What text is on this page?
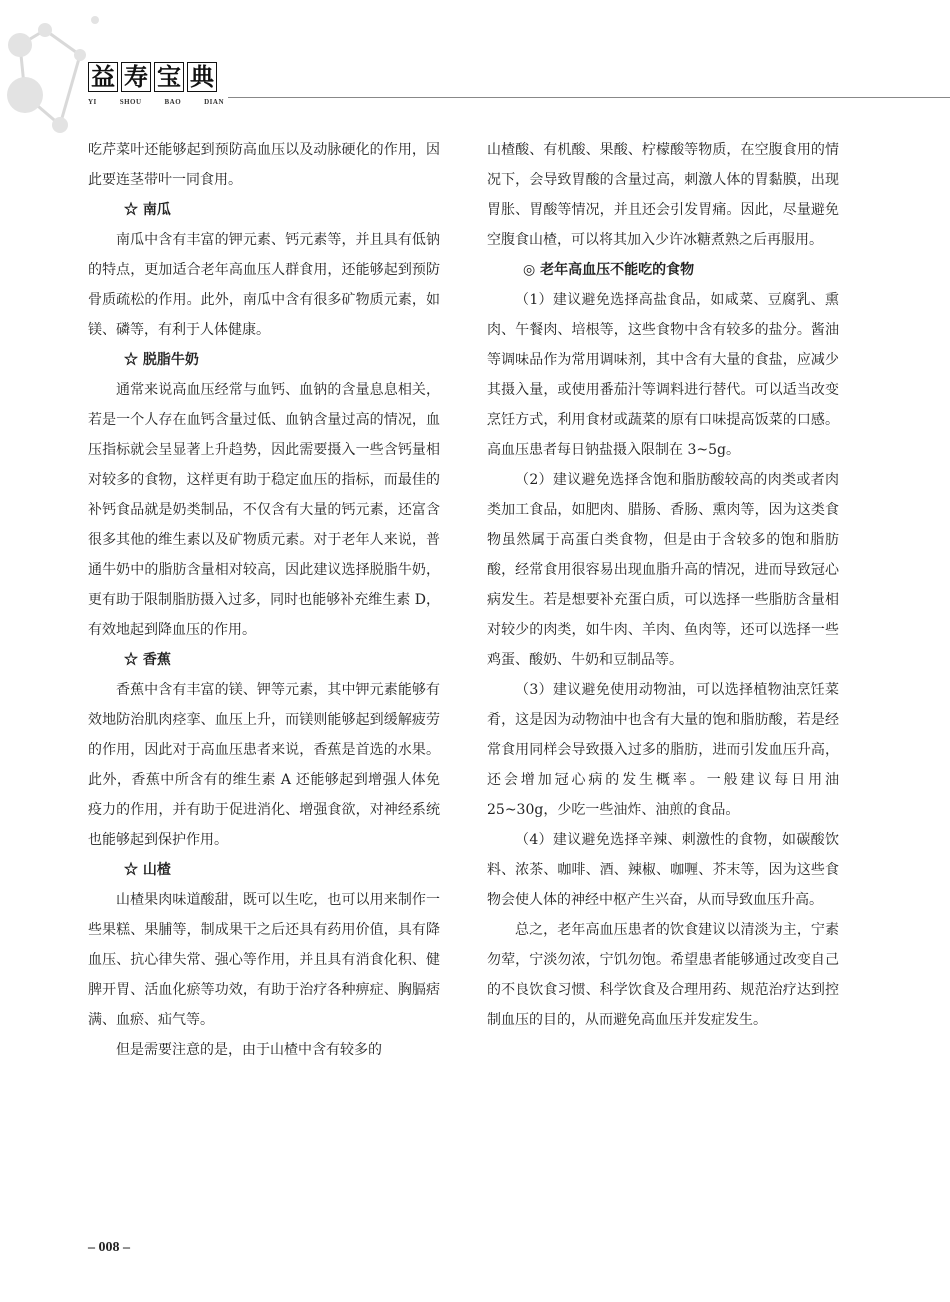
益 寿 宝 典
YI	SHOU	BAO	DIAN

吃芹菜叶还能够起到预防高血压以及动脉硬化的作用，因此要连茎带叶一同食用。

☆ 南瓜

南瓜中含有丰富的钾元素、钙元素等，并且具有低钠的特点，更加适合老年高血压人群食用，还能够起到预防骨质疏松的作用。此外，南瓜中含有很多矿物质元素，如镁、磷等，有利于人体健康。

☆ 脱脂牛奶

通常来说高血压经常与血钙、血钠的含量息息相关，若是一个人存在血钙含量过低、血钠含量过高的情况，血压指标就会呈显著上升趋势，因此需要摄入一些含钙量相对较多的食物，这样更有助于稳定血压的指标，而最佳的补钙食品就是奶类制品，不仅含有大量的钙元素，还富含很多其他的维生素以及矿物质元素。对于老年人来说，普通牛奶中的脂肪含量相对较高，因此建议选择脱脂牛奶，更有助于限制脂肪摄入过多，同时也能够补充维生素 D，有效地起到降血压的作用。

☆ 香蕉

香蕉中含有丰富的镁、钾等元素，其中钾元素能够有效地防治肌肉痉挛、血压上升，而镁则能够起到缓解疲劳的作用，因此对于高血压患者来说，香蕉是首选的水果。此外，香蕉中所含有的维生素 A 还能够起到增强人体免疫力的作用，并有助于促进消化、增强食欲，对神经系统也能够起到保护作用。

☆ 山楂

山楂果肉味道酸甜，既可以生吃，也可以用来制作一些果糕、果脯等，制成果干之后还具有药用价值，具有降血压、抗心律失常、强心等作用，并且具有消食化积、健脾开胃、活血化瘀等功效，有助于治疗各种痹症、胸膈痞满、血瘀、疝气等。

但是需要注意的是，由于山楂中含有较多的

山楂酸、有机酸、果酸、柠檬酸等物质，在空腹食用的情况下，会导致胃酸的含量过高，刺激人体的胃黏膜，出现胃胀、胃酸等情况，并且还会引发胃痛。因此，尽量避免空腹食山楂，可以将其加入少许冰糖煮熟之后再服用。

◎ 老年高血压不能吃的食物

（1）建议避免选择高盐食品，如咸菜、豆腐乳、熏肉、午餐肉、培根等，这些食物中含有较多的盐分。酱油等调味品作为常用调味剂，其中含有大量的食盐，应减少其摄入量，或使用番茄汁等调料进行替代。可以适当改变烹饪方式，利用食材或蔬菜的原有口味提高饭菜的口感。高血压患者每日钠盐摄入限制在 3~5g。

（2）建议避免选择含饱和脂肪酸较高的肉类或者肉类加工食品，如肥肉、腊肠、香肠、熏肉等，因为这类食物虽然属于高蛋白类食物，但是由于含较多的饱和脂肪酸，经常食用很容易出现血脂升高的情况，进而导致冠心病发生。若是想要补充蛋白质，可以选择一些脂肪含量相对较少的肉类，如牛肉、羊肉、鱼肉等，还可以选择一些鸡蛋、酸奶、牛奶和豆制品等。

（3）建议避免使用动物油，可以选择植物油烹饪菜肴，这是因为动物油中也含有大量的饱和脂肪酸，若是经常食用同样会导致摄入过多的脂肪，进而引发血压升高，还会增加冠心病的发生概率。一般建议每日用油 25~30g，少吃一些油炸、油煎的食品。

（4）建议避免选择辛辣、刺激性的食物，如碳酸饮料、浓茶、咖啡、酒、辣椒、咖喱、芥末等，因为这些食物会使人体的神经中枢产生兴奋，从而导致血压升高。

总之，老年高血压患者的饮食建议以清淡为主，宁素勿荤，宁淡勿浓，宁饥勿饱。希望患者能够通过改变自己的不良饮食习惯、科学饮食及合理用药、规范治疗达到控制血压的目的，从而避免高血压并发症发生。

– 008 –
